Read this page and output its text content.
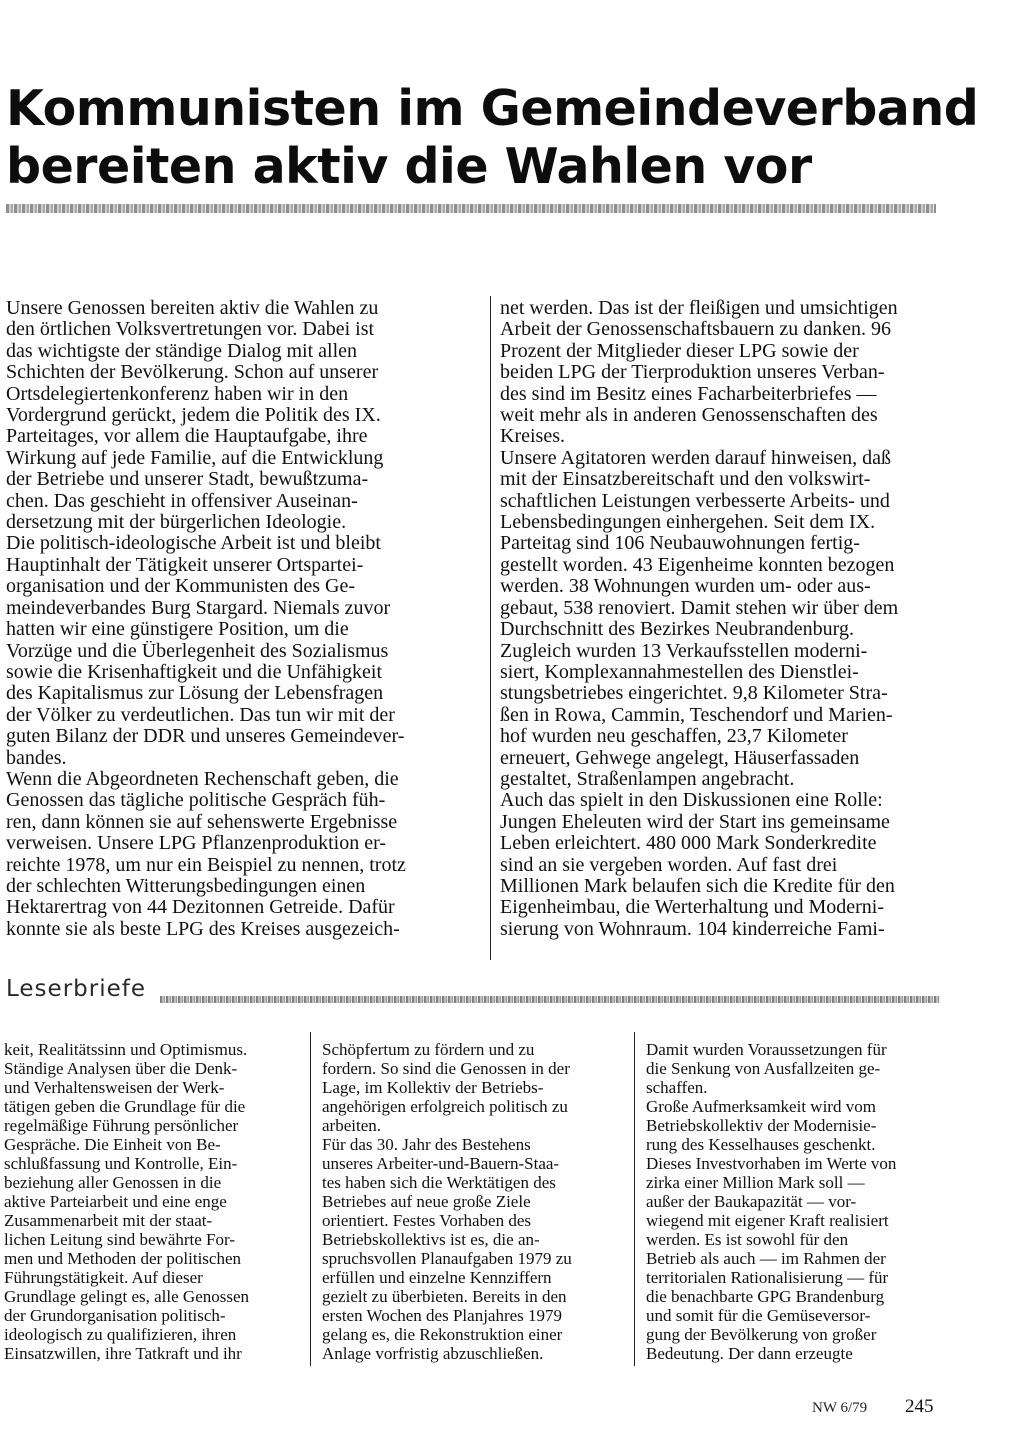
Kommunisten im Gemeindeverband
bereiten aktiv die Wahlen vor
Unsere Genossen bereiten aktiv die Wahlen zu
den örtlichen Volksvertretungen vor. Dabei ist
das wichtigste der ständige Dialog mit allen
Schichten der Bevölkerung. Schon auf unserer
Ortsdelegiertenkonferenz haben wir in den
Vordergrund gerückt, jedem die Politik des IX.
Parteitages, vor allem die Hauptaufgabe, ihre
Wirkung auf jede Familie, auf die Entwicklung
der Betriebe und unserer Stadt, bewußtzuma-
chen. Das geschieht in offensiver Auseinan-
dersetzung mit der bürgerlichen Ideologie.
Die politisch-ideologische Arbeit ist und bleibt
Hauptinhalt der Tätigkeit unserer Ortspartei-
organisation und der Kommunisten des Ge-
meindeverbandes Burg Stargard. Niemals zuvor
hatten wir eine günstigere Position, um die
Vorzüge und die Überlegenheit des Sozialismus
sowie die Krisenhaftigkeit und die Unfähigkeit
des Kapitalismus zur Lösung der Lebensfragen
der Völker zu verdeutlichen. Das tun wir mit der
guten Bilanz der DDR und unseres Gemeindever-
bandes.
Wenn die Abgeordneten Rechenschaft geben, die
Genossen das tägliche politische Gespräch füh-
ren, dann können sie auf sehenswerte Ergebnisse
verweisen. Unsere LPG Pflanzenproduktion er-
reichte 1978, um nur ein Beispiel zu nennen, trotz
der schlechten Witterungsbedingungen einen
Hektarertrag von 44 Dezitonnen Getreide. Dafür
konnte sie als beste LPG des Kreises ausgezeich-
net werden. Das ist der fleißigen und umsichtigen
Arbeit der Genossenschaftsbauern zu danken. 96
Prozent der Mitglieder dieser LPG sowie der
beiden LPG der Tierproduktion unseres Verban-
des sind im Besitz eines Facharbeiterbriefes —
weit mehr als in anderen Genossenschaften des
Kreises.
Unsere Agitatoren werden darauf hinweisen, daß
mit der Einsatzbereitschaft und den volkswirt-
schaftlichen Leistungen verbesserte Arbeits- und
Lebensbedingungen einhergehen. Seit dem IX.
Parteitag sind 106 Neubauwohnungen fertig-
gestellt worden. 43 Eigenheime konnten bezogen
werden. 38 Wohnungen wurden um- oder aus-
gebaut, 538 renoviert. Damit stehen wir über dem
Durchschnitt des Bezirkes Neubrandenburg.
Zugleich wurden 13 Verkaufsstellen moderni-
siert, Komplexannahmestellen des Dienstlei-
stungsbetriebes eingerichtet. 9,8 Kilometer Stra-
ßen in Rowa, Cammin, Teschendorf und Marien-
hof wurden neu geschaffen, 23,7 Kilometer
erneuert, Gehwege angelegt, Häuserfassaden
gestaltet, Straßenlampen angebracht.
Auch das spielt in den Diskussionen eine Rolle:
Jungen Eheleuten wird der Start ins gemeinsame
Leben erleichtert. 480 000 Mark Sonderkredite
sind an sie vergeben worden. Auf fast drei
Millionen Mark belaufen sich die Kredite für den
Eigenheimbau, die Werterhaltung und Moderni-
sierung von Wohnraum. 104 kinderreiche Fami-
Leserbriefe
keit, Realitätssinn und Optimismus.
Ständige Analysen über die Denk-
und Verhaltensweisen der Werk-
tätigen geben die Grundlage für die
regelmäßige Führung persönlicher
Gespräche. Die Einheit von Be-
schlußfassung und Kontrolle, Ein-
beziehung aller Genossen in die
aktive Parteiarbeit und eine enge
Zusammenarbeit mit der staat-
lichen Leitung sind bewährte For-
men und Methoden der politischen
Führungstätigkeit. Auf dieser
Grundlage gelingt es, alle Genossen
der Grundorganisation politisch-
ideologisch zu qualifizieren, ihren
Einsatzwillen, ihre Tatkraft und ihr
Schöpfertum zu fördern und zu
fordern. So sind die Genossen in der
Lage, im Kollektiv der Betriebs-
angehörigen erfolgreich politisch zu
arbeiten.
Für das 30. Jahr des Bestehens
unseres Arbeiter-und-Bauern-Staa-
tes haben sich die Werktätigen des
Betriebes auf neue große Ziele
orientiert. Festes Vorhaben des
Betriebskollektivs ist es, die an-
spruchsvollen Planaufgaben 1979 zu
erfüllen und einzelne Kennziffern
gezielt zu überbieten. Bereits in den
ersten Wochen des Planjahres 1979
gelang es, die Rekonstruktion einer
Anlage vorfristig abzuschließen.
Damit wurden Voraussetzungen für
die Senkung von Ausfallzeiten ge-
schaffen.
Große Aufmerksamkeit wird vom
Betriebskollektiv der Modernisie-
rung des Kesselhauses geschenkt.
Dieses Investvorhaben im Werte von
zirka einer Million Mark soll —
außer der Baukapazität — vor-
wiegend mit eigener Kraft realisiert
werden. Es ist sowohl für den
Betrieb als auch — im Rahmen der
territorialen Rationalisierung — für
die benachbarte GPG Brandenburg
und somit für die Gemüseversor-
gung der Bevölkerung von großer
Bedeutung. Der dann erzeugte
NW 6/79 245
